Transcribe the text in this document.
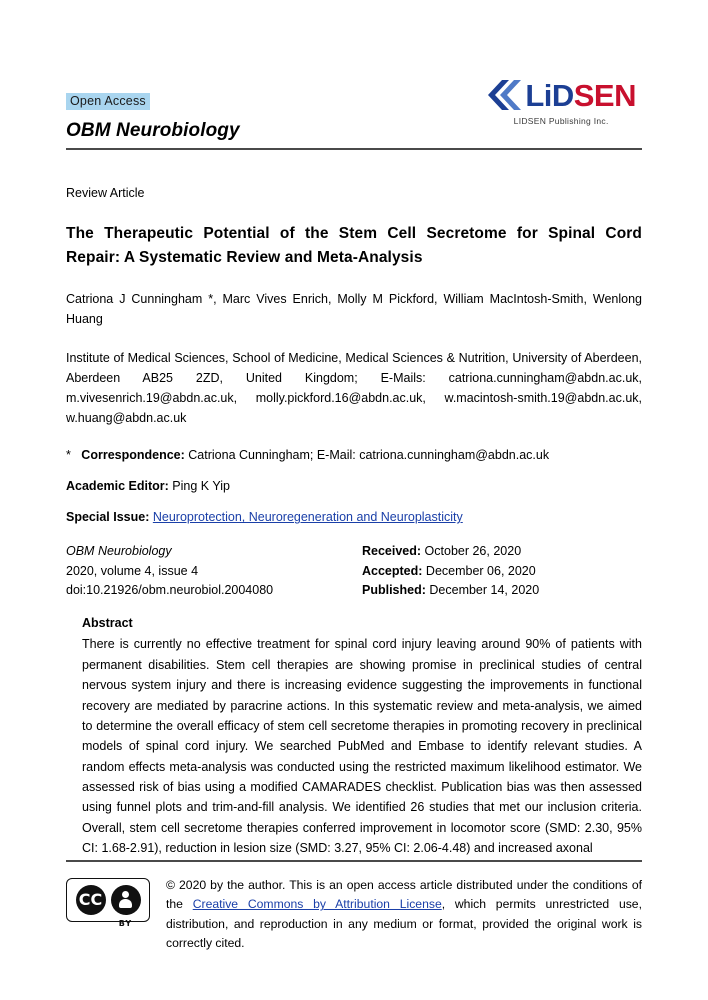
Open Access
OBM Neurobiology
LiDSEN
LIDSEN Publishing Inc.
Review Article
The Therapeutic Potential of the Stem Cell Secretome for Spinal Cord Repair: A Systematic Review and Meta-Analysis
Catriona J Cunningham *, Marc Vives Enrich, Molly M Pickford, William MacIntosh-Smith, Wenlong Huang
Institute of Medical Sciences, School of Medicine, Medical Sciences & Nutrition, University of Aberdeen, Aberdeen AB25 2ZD, United Kingdom; E-Mails: catriona.cunningham@abdn.ac.uk, m.vivesenrich.19@abdn.ac.uk, molly.pickford.16@abdn.ac.uk, w.macintosh-smith.19@abdn.ac.uk, w.huang@abdn.ac.uk
* Correspondence: Catriona Cunningham; E-Mail: catriona.cunningham@abdn.ac.uk
Academic Editor: Ping K Yip
Special Issue: Neuroprotection, Neuroregeneration and Neuroplasticity
OBM Neurobiology
2020, volume 4, issue 4
doi:10.21926/obm.neurobiol.2004080
Received: October 26, 2020
Accepted: December 06, 2020
Published: December 14, 2020
Abstract
There is currently no effective treatment for spinal cord injury leaving around 90% of patients with permanent disabilities. Stem cell therapies are showing promise in preclinical studies of central nervous system injury and there is increasing evidence suggesting the improvements in functional recovery are mediated by paracrine actions. In this systematic review and meta-analysis, we aimed to determine the overall efficacy of stem cell secretome therapies in promoting recovery in preclinical models of spinal cord injury. We searched PubMed and Embase to identify relevant studies. A random effects meta-analysis was conducted using the restricted maximum likelihood estimator. We assessed risk of bias using a modified CAMARADES checklist. Publication bias was then assessed using funnel plots and trim-and-fill analysis. We identified 26 studies that met our inclusion criteria. Overall, stem cell secretome therapies conferred improvement in locomotor score (SMD: 2.30, 95% CI: 1.68-2.91), reduction in lesion size (SMD: 3.27, 95% CI: 2.06-4.48) and increased axonal
CC
BY
© 2020 by the author. This is an open access article distributed under the conditions of the Creative Commons by Attribution License, which permits unrestricted use, distribution, and reproduction in any medium or format, provided the original work is correctly cited.
